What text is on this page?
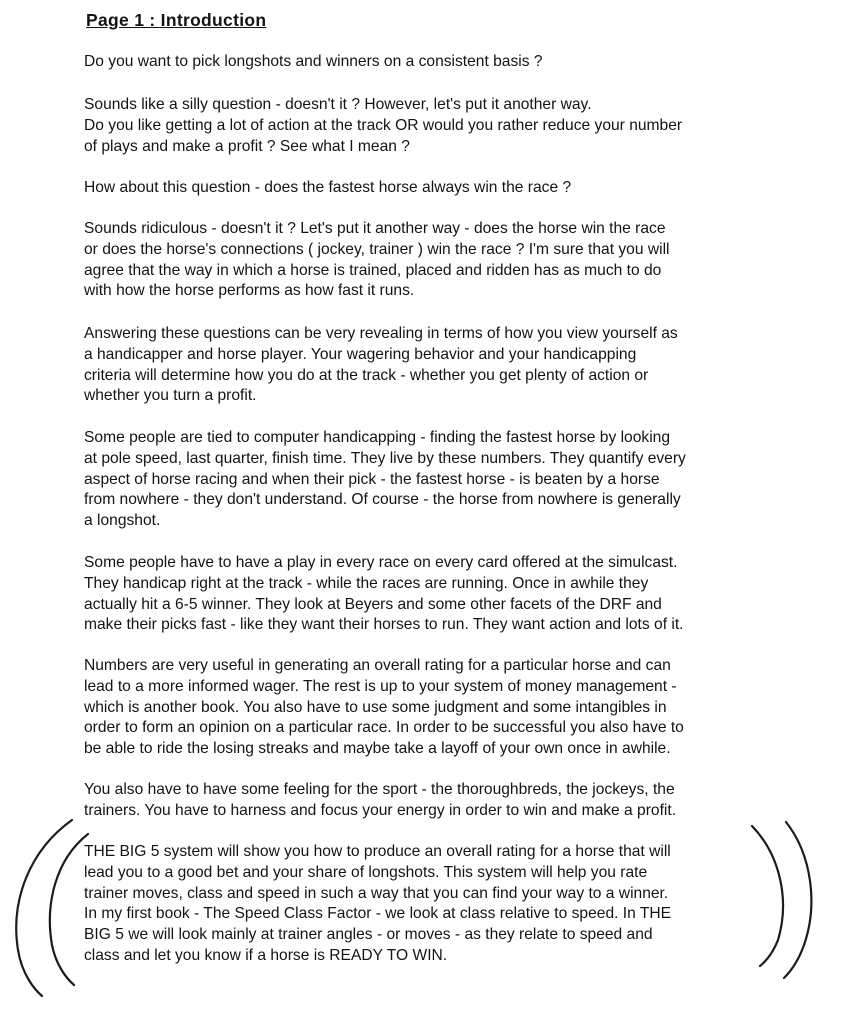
Page 1 : Introduction
Do you want to pick longshots and winners on a consistent basis ?
Sounds like a silly question - doesn't it ? However, let's put it another way.
Do you like getting a lot of action at the track OR would you rather reduce your number
of plays and make a profit ? See what I mean ?
How about this question - does the fastest horse always win the race ?
Sounds ridiculous - doesn't it ? Let's put it another way - does the horse win the race
or does the horse's connections ( jockey, trainer ) win the race ? I'm sure that you will
agree that the way in which a horse is trained, placed and ridden has as much to do
with how the horse performs as how fast it runs.
Answering these questions can be very revealing in terms of how you view yourself as
a handicapper and horse player. Your wagering behavior and your handicapping
criteria will determine how you do at the track - whether you get plenty of action or
whether you turn a profit.
Some people are tied to computer handicapping - finding the fastest horse by looking
at pole speed, last quarter, finish time. They live by these numbers. They quantify every
aspect of horse racing and when their pick - the fastest horse - is beaten by a horse
from nowhere - they don't understand. Of course - the horse from nowhere is generally
a longshot.
Some people have to have a play in every race on every card offered at the simulcast.
They handicap right at the track - while the races are running. Once in awhile they
actually hit a 6-5 winner. They look at Beyers and some other facets of the DRF and
make their picks fast - like they want their horses to run. They want action and lots of it.
Numbers are very useful in generating an overall rating for a particular horse and can
lead to a more informed wager. The rest is up to your system of money management -
which is another book. You also have to use some judgment and some intangibles in
order to form an opinion on a particular race. In order to be successful you also have to
be able to ride the losing streaks and maybe take a layoff of your own once in awhile.
You also have to have some feeling for the sport - the thoroughbreds, the jockeys, the
trainers. You have to harness and focus your energy in order to win and make a profit.
THE BIG 5 system will show you how to produce an overall rating for a horse that will
lead you to a good bet and your share of longshots. This system will help you rate
trainer moves, class and speed in such a way that you can find your way to a winner.
In my first book - The Speed Class Factor - we look at class relative to speed. In THE
BIG 5 we will look mainly at trainer angles - or moves - as they relate to speed and
class and let you know if a horse is READY TO WIN.
